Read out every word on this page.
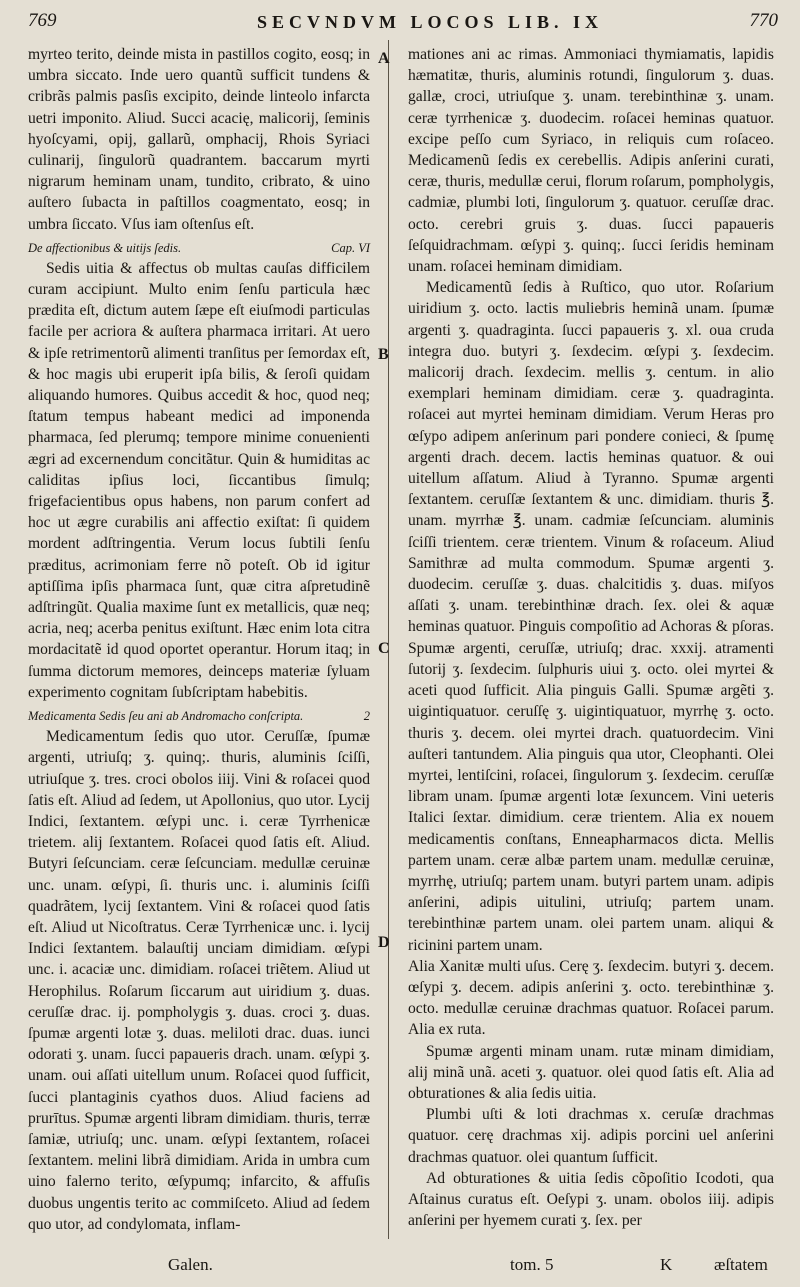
769	SECVNDVM LOCOS LIB. IX	770
A
B
C
D

myrteo terito, deinde mista in pastillos cogito, eosq; in umbra siccato. Inde uero quantũ sufficit tundens & cribrãs palmis pasſis excipito, deinde linteolo infarcta uetri imponito. Aliud. Succi acacię, malicorij, ſeminis hyoſcyami, opij, gallarũ, omphacij, Rhois Syriaci culinarij, ſingulorũ quadrantem. baccarum myrti nigrarum heminam unam, tundito, cribrato, & uino auſtero ſubacta in paſtillos coagmentato, eosq; in umbra ſiccato. Vſus iam oſtenſus eſt.

De affectionibus & uitijs ſedis.	Cap. VI

Sedis uitia & affectus ob multas cauſas difficilem curam accipiunt. Multo enim ſenſu particula hæc prædita eſt, dictum autem ſæpe eſt eiuſmodi particulas facile per acriora & auſtera pharmaca irritari. At uero & ipſe retrimentorũ alimenti tranſitus per ſemordax eſt, & hoc magis ubi eruperit ipſa bilis, & ſeroſi quidam aliquando humores. Quibus accedit & hoc, quod neq; ſtatum tempus habeant medici ad imponenda pharmaca, ſed plerumq; tempore minime conuenienti ægri ad excernendum concitãtur. Quin & humiditas ac caliditas ipſius loci, ſiccantibus ſimulq; frigefacientibus opus habens, non parum confert ad hoc ut ægre curabilis ani affectio exiſtat: ſi quidem mordent adſtringentia. Verum locus ſubtili ſenſu præditus, acrimoniam ferre nõ poteſt. Ob id igitur aptiſſima ipſis pharmaca ſunt, quæ citra aſpretudinẽ adſtringũt. Qualia maxime ſunt ex metallicis, quæ neq; acria, neq; acerba penitus exiſtunt. Hæc enim lota citra mordacitatẽ id quod oportet operantur. Horum itaq; in ſumma dictorum memores, deinceps materiæ ſyluam experimento cognitam ſubſcriptam habebitis.

Medicamenta Sedis ſeu ani ab Andromacho conſcripta.	2

Medicamentum ſedis quo utor. Ceruſſæ, ſpumæ argenti, utriuſq; ʒ. quinq;. thuris, aluminis ſciſſi, utriuſque ʒ. tres. croci obolos iiij. Vini & roſacei quod ſatis eſt. Aliud ad ſedem, ut Apollonius, quo utor. Lycij Indici, ſextantem. œſypi unc. i. ceræ Tyrrhenicæ trietem. alij ſextantem. Roſacei quod ſatis eſt. Aliud. Butyri ſeſcunciam. ceræ ſeſcunciam. medullæ ceruinæ unc. unam. œſypi, ſi. thuris unc. i. aluminis ſciſſi quadrãtem, lycij ſextantem. Vini & roſacei quod ſatis eſt. Aliud ut Nicoſtratus. Ceræ Tyrrhenicæ unc. i. lycij Indici ſextantem. balauſtij unciam dimidiam. œſypi unc. i. acaciæ unc. dimidiam. roſacei triẽtem. Aliud ut Herophilus. Roſarum ſiccarum aut uiridium ʒ. duas. ceruſſæ drac. ij. pompholygis ʒ. duas. croci ʒ. duas. ſpumæ argenti lotæ ʒ. duas. meliloti drac. duas. iunci odorati ʒ. unam. ſucci papaueris drach. unam. œſypi ʒ. unam. oui aſſati uitellum unum. Roſacei quod ſufficit, ſucci plantaginis cyathos duos. Aliud faciens ad prurītus. Spumæ argenti libram dimidiam. thuris, terræ ſamiæ, utriuſq; unc. unam. œſypi ſextantem, roſacei ſextantem. melini librã dimidiam. Arida in umbra cum uino falerno terito, œſypumq; infarcito, & affuſis duobus ungentis terito ac commiſceto. Aliud ad ſedem quo utor, ad condylomata, inflam-

mationes ani ac rimas. Ammoniaci thymiamatis, lapidis hæmatitæ, thuris, aluminis rotundi, ſingulorum ʒ. duas. gallæ, croci, utriuſque ʒ. unam. terebinthinæ ʒ. unam. ceræ tyrrhenicæ ʒ. duodecim. roſacei heminas quatuor. excipe peſſo cum Syriaco, in reliquis cum roſaceo. Medicamenũ ſedis ex cerebellis. Adipis anſerini curati, ceræ, thuris, medullæ cerui, florum roſarum, pompholygis, cadmiæ, plumbi loti, ſingulorum ʒ. quatuor. ceruſſæ drac. octo. cerebri gruis ʒ. duas. ſucci papaueris ſeſquidrachmam. œſypi ʒ. quinq;. ſucci ſeridis heminam unam. roſacei heminam dimidiam.

Medicamentũ ſedis à Ruſtico, quo utor. Roſarium uiridium ʒ. octo. lactis muliebris heminã unam. ſpumæ argenti ʒ. quadraginta. ſucci papaueris ʒ. xl. oua cruda integra duo. butyri ʒ. ſexdecim. œſypi ʒ. ſexdecim. malicorij drach. ſexdecim. mellis ʒ. centum. in alio exemplari heminam dimidiam. ceræ ʒ. quadraginta. roſacei aut myrtei heminam dimidiam. Verum Heras pro œſypo adipem anſerinum pari pondere conieci, & ſpumę argenti drach. decem. lactis heminas quatuor. & oui uitellum aſſatum. Aliud à Tyranno. Spumæ argenti ſextantem. ceruſſæ ſextantem & unc. dimidiam. thuris ℥. unam. myrrhæ ℥. unam. cadmiæ ſeſcunciam. aluminis ſciſſi trientem. ceræ trientem. Vinum & roſaceum. Aliud Samithræ ad multa commodum. Spumæ argenti ʒ. duodecim. ceruſſæ ʒ. duas. chalcitidis ʒ. duas. miſyos aſſati ʒ. unam. terebinthinæ drach. ſex. olei & aquæ heminas quatuor. Pinguis compoſitio ad Achoras & pſoras. Spumæ argenti, ceruſſæ, utriuſq; drac. xxxij. atramenti ſutorij ʒ. ſexdecim. ſulphuris uiui ʒ. octo. olei myrtei & aceti quod ſufficit. Alia pinguis Galli. Spumæ argẽti ʒ. uigintiquatuor. ceruſſę ʒ. uigintiquatuor, myrrhę ʒ. octo. thuris ʒ. decem. olei myrtei drach. quatuordecim. Vini auſteri tantundem. Alia pinguis qua utor, Cleophanti. Olei myrtei, lentiſcini, roſacei, ſingulorum ʒ. ſexdecim. ceruſſæ libram unam. ſpumæ argenti lotæ ſexuncem. Vini ueteris Italici ſextar. dimidium. ceræ trientem. Alia ex nouem medicamentis conſtans, Enneapharmacos dicta. Mellis partem unam. ceræ albæ partem unam. medullæ ceruinæ, myrrhę, utriuſq; partem unam. butyri partem unam. adipis anſerini, adipis uitulini, utriuſq; partem unam. terebinthinæ partem unam. olei partem unam. aliqui & ricinini partem unam.

Alia Xanitæ multi uſus. Cerę ʒ. ſexdecim. butyri ʒ. decem. œſypi ʒ. decem. adipis anſerini ʒ. octo. terebinthinæ ʒ. octo. medullæ ceruinæ drachmas quatuor. Roſacei parum. Alia ex ruta.

Spumæ argenti minam unam. rutæ minam dimidiam, alij minã unã. aceti ʒ. quatuor. olei quod ſatis eſt. Alia ad obturationes & alia ſedis uitia.

Plumbi uſti & loti drachmas x. ceruſæ drachmas quatuor. cerę drachmas xij. adipis porcini uel anſerini drachmas quatuor. olei quantum ſufficit.

Ad obturationes & uitia ſedis cõpoſitio Icodoti, qua Aſtainus curatus eſt. Oeſypi ʒ. unam. obolos iiij. adipis anſerini per hyemem curati ʒ. ſex. per

Galen.	tom. 5	K æſtatem
